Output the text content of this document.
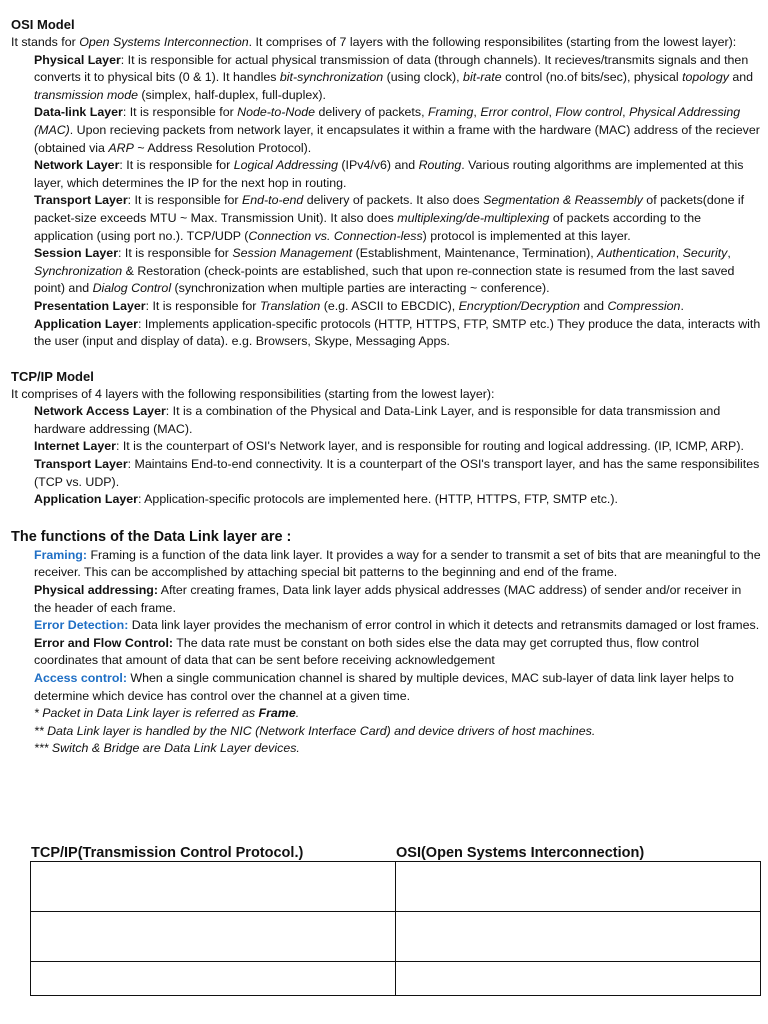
OSI Model

It stands for Open Systems Interconnection. It comprises of 7 layers with the following responsibilites (starting from the lowest layer):

Physical Layer: It is responsible for actual physical transmission of data (through channels). It recieves/transmits signals and then converts it to physical bits (0 & 1). It handles bit-synchronization (using clock), bit-rate control (no.of bits/sec), physical topology and transmission mode (simplex, half-duplex, full-duplex).

Data-link Layer: It is responsible for Node-to-Node delivery of packets, Framing, Error control, Flow control, Physical Addressing (MAC). Upon recieving packets from network layer, it encapsulates it within a frame with the hardware (MAC) address of the reciever (obtained via ARP ~ Address Resolution Protocol).

Network Layer: It is responsible for Logical Addressing (IPv4/v6) and Routing. Various routing algorithms are implemented at this layer, which determines the IP for the next hop in routing.

Transport Layer: It is responsible for End-to-end delivery of packets. It also does Segmentation & Reassembly of packets(done if packet-size exceeds MTU ~ Max. Transmission Unit). It also does multiplexing/de-multiplexing of packets according to the application (using port no.). TCP/UDP (Connection vs. Connection-less) protocol is implemented at this layer.

Session Layer: It is responsible for Session Management (Establishment, Maintenance, Termination), Authentication, Security, Synchronization & Restoration (check-points are established, such that upon re-connection state is resumed from the last saved point) and Dialog Control (synchronization when multiple parties are interacting ~ conference).

Presentation Layer: It is responsible for Translation (e.g. ASCII to EBCDIC), Encryption/Decryption and Compression.

Application Layer: Implements application-specific protocols (HTTP, HTTPS, FTP, SMTP etc.) They produce the data, interacts with the user (input and display of data). e.g. Browsers, Skype, Messaging Apps.

TCP/IP Model

It comprises of 4 layers with the following responsibilities (starting from the lowest layer):

Network Access Layer: It is a combination of the Physical and Data-Link Layer, and is responsible for data transmission and hardware addressing (MAC).

Internet Layer: It is the counterpart of OSI's Network layer, and is responsible for routing and logical addressing. (IP, ICMP, ARP).

Transport Layer: Maintains End-to-end connectivity. It is a counterpart of the OSI's transport layer, and has the same responsibilites (TCP vs. UDP).

Application Layer: Application-specific protocols are implemented here. (HTTP, HTTPS, FTP, SMTP etc.).

The functions of the Data Link layer are :

Framing: Framing is a function of the data link layer. It provides a way for a sender to transmit a set of bits that are meaningful to the receiver. This can be accomplished by attaching special bit patterns to the beginning and end of the frame.

Physical addressing: After creating frames, Data link layer adds physical addresses (MAC address) of sender and/or receiver in the header of each frame.

Error Detection: Data link layer provides the mechanism of error control in which it detects and retransmits damaged or lost frames.

Error and Flow Control: The data rate must be constant on both sides else the data may get corrupted thus, flow control coordinates that amount of data that can be sent before receiving acknowledgement

Access control: When a single communication channel is shared by multiple devices, MAC sub-layer of data link layer helps to determine which device has control over the channel at a given time.

* Packet in Data Link layer is referred as Frame.

** Data Link layer is handled by the NIC (Network Interface Card) and device drivers of host machines.

*** Switch & Bridge are Data Link Layer devices.

TCP/IP(Transmission Control Protocol.)	OSI(Open Systems Interconnection)
